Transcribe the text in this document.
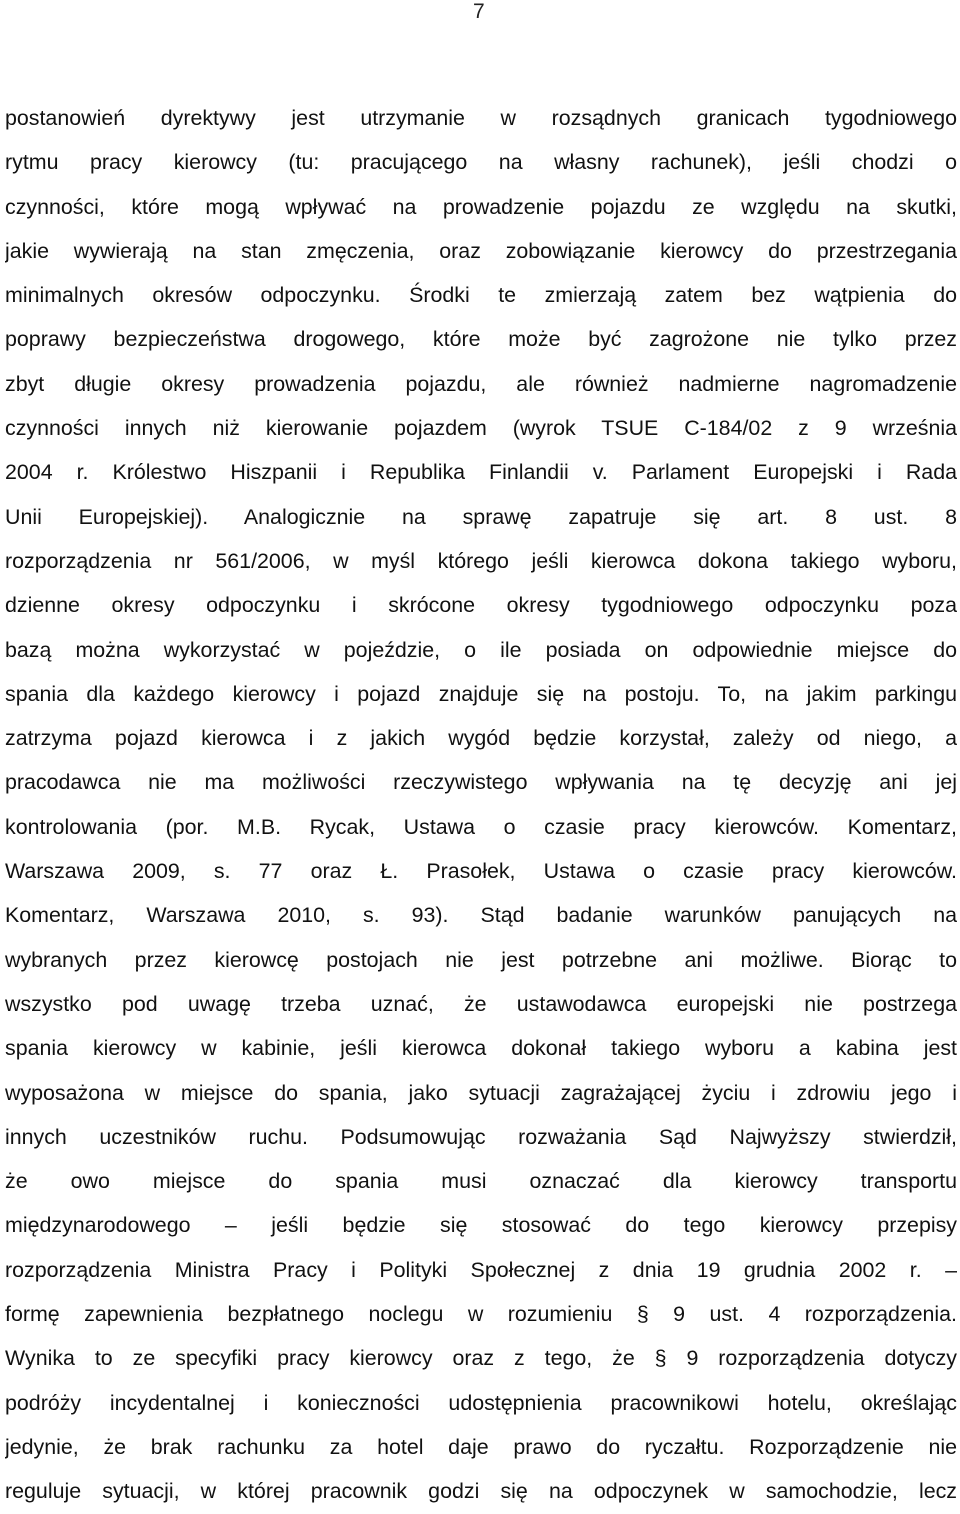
7
postanowień dyrektywy jest utrzymanie w rozsądnych granicach tygodniowego
rytmu pracy kierowcy (tu: pracującego na własny rachunek), jeśli chodzi o
czynności, które mogą wpływać na prowadzenie pojazdu ze względu na skutki,
jakie wywierają na stan zmęczenia, oraz zobowiązanie kierowcy do przestrzegania
minimalnych okresów odpoczynku. Środki te zmierzają zatem bez wątpienia do
poprawy bezpieczeństwa drogowego, które może być zagrożone nie tylko przez
zbyt długie okresy prowadzenia pojazdu, ale również nadmierne nagromadzenie
czynności innych niż kierowanie pojazdem (wyrok TSUE C-184/02 z 9 września
2004 r. Królestwo Hiszpanii i Republika Finlandii v. Parlament Europejski i Rada
Unii Europejskiej). Analogicznie na sprawę zapatruje się art. 8 ust. 8
rozporządzenia nr 561/2006, w myśl którego jeśli kierowca dokona takiego wyboru,
dzienne okresy odpoczynku i skrócone okresy tygodniowego odpoczynku poza
bazą można wykorzystać w pojeździe, o ile posiada on odpowiednie miejsce do
spania dla każdego kierowcy i pojazd znajduje się na postoju. To, na jakim parkingu
zatrzyma pojazd kierowca i z jakich wygód będzie korzystał, zależy od niego, a
pracodawca nie ma możliwości rzeczywistego wpływania na tę decyzję ani jej
kontrolowania (por. M.B. Rycak, Ustawa o czasie pracy kierowców. Komentarz,
Warszawa 2009, s. 77 oraz Ł. Prasołek, Ustawa o czasie pracy kierowców.
Komentarz, Warszawa 2010, s. 93). Stąd badanie warunków panujących na
wybranych przez kierowcę postojach nie jest potrzebne ani możliwe. Biorąc to
wszystko pod uwagę trzeba uznać, że ustawodawca europejski nie postrzega
spania kierowcy w kabinie, jeśli kierowca dokonał takiego wyboru a kabina jest
wyposażona w miejsce do spania, jako sytuacji zagrażającej życiu i zdrowiu jego i
innych uczestników ruchu. Podsumowując rozważania Sąd Najwyższy stwierdził,
że owo miejsce do spania musi oznaczać dla kierowcy transportu
międzynarodowego – jeśli będzie się stosować do tego kierowcy przepisy
rozporządzenia Ministra Pracy i Polityki Społecznej z dnia 19 grudnia 2002 r. –
formę zapewnienia bezpłatnego noclegu w rozumieniu § 9 ust. 4 rozporządzenia.
Wynika to ze specyfiki pracy kierowcy oraz z tego, że § 9 rozporządzenia dotyczy
podróży incydentalnej i konieczności udostępnienia pracownikowi hotelu, określając
jedynie, że brak rachunku za hotel daje prawo do ryczałtu. Rozporządzenie nie
reguluje sytuacji, w której pracownik godzi się na odpoczynek w samochodzie, lecz
